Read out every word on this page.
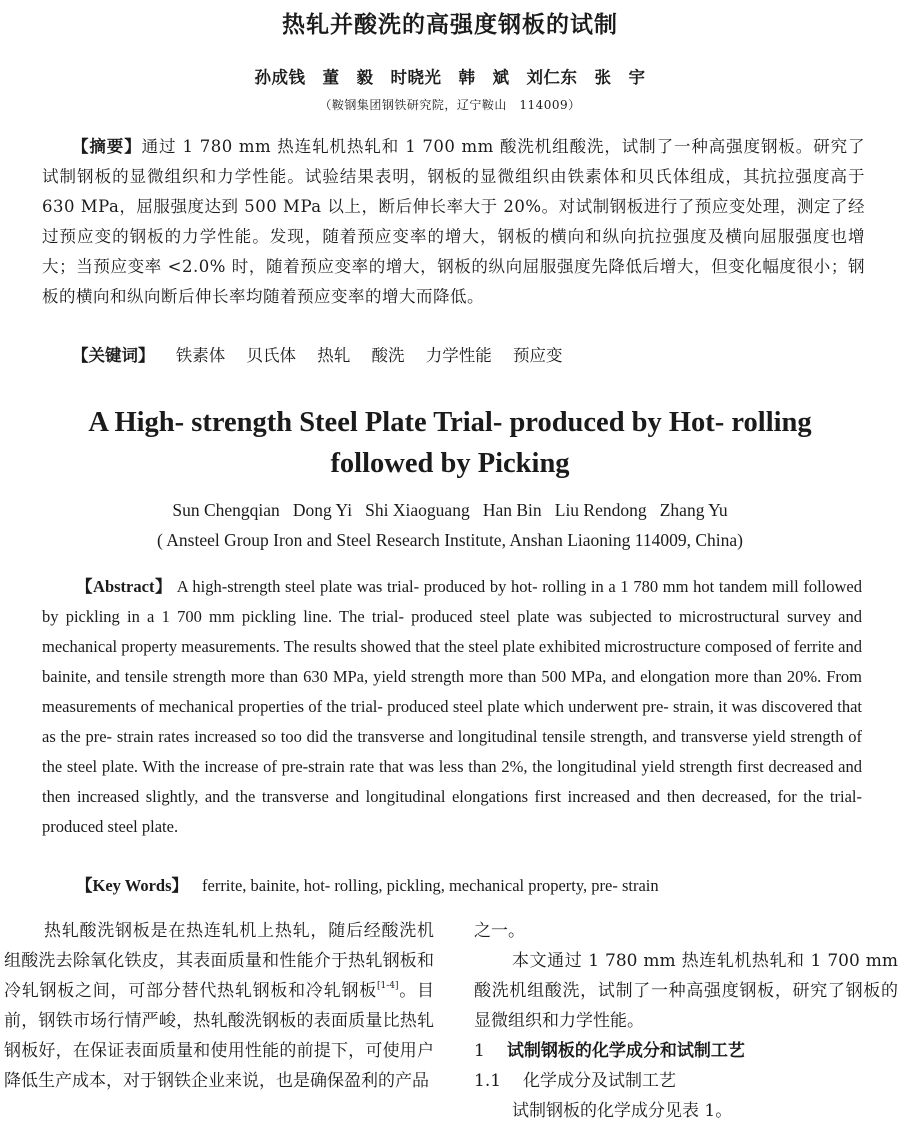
热轧并酸洗的高强度钢板的试制
孙成钱　董　毅　时晓光　韩　斌　刘仁东　张　宇
（鞍钢集团钢铁研究院，辽宁鞍山　114009）
【摘要】通过 1 780 mm 热连轧机热轧和 1 700 mm 酸洗机组酸洗，试制了一种高强度钢板。研究了试制钢板的显微组织和力学性能。试验结果表明，钢板的显微组织由铁素体和贝氏体组成，其抗拉强度高于 630 MPa，屈服强度达到 500 MPa 以上，断后伸长率大于 20%。对试制钢板进行了预应变处理，测定了经过预应变的钢板的力学性能。发现，随着预应变率的增大，钢板的横向和纵向抗拉强度及横向屈服强度也增大；当预应变率 <2.0% 时，随着预应变率的增大，钢板的纵向屈服强度先降低后增大，但变化幅度很小；钢板的横向和纵向断后伸长率均随着预应变率的增大而降低。
【关键词】 铁素体 贝氏体 热轧 酸洗 力学性能 预应变
A High- strength Steel Plate Trial- produced by Hot- rolling
followed by Picking
Sun Chengqian   Dong Yi   Shi Xiaoguang   Han Bin   Liu Rendong   Zhang Yu
( Ansteel Group Iron and Steel Research Institute, Anshan Liaoning 114009, China)
【Abstract】 A high-strength steel plate was trial- produced by hot- rolling in a 1 780 mm hot tandem mill followed by pickling in a 1 700 mm pickling line. The trial- produced steel plate was subjected to microstructural survey and mechanical property measurements. The results showed that the steel plate exhibited microstructure composed of ferrite and bainite, and tensile strength more than 630 MPa, yield strength more than 500 MPa, and elongation more than 20%. From measurements of mechanical properties of the trial- produced steel plate which underwent pre- strain, it was discovered that as the pre- strain rates increased so too did the transverse and longitudinal tensile strength, and transverse yield strength of the steel plate. With the increase of pre-strain rate that was less than 2%, the longitudinal yield strength first decreased and then increased slightly, and the transverse and longitudinal elongations first increased and then decreased, for the trial- produced steel plate.
【Key Words】 ferrite, bainite, hot- rolling, pickling, mechanical property, pre- strain
热轧酸洗钢板是在热连轧机上热轧，随后经酸洗机组酸洗去除氧化铁皮，其表面质量和性能介于热轧钢板和冷轧钢板之间，可部分替代热轧钢板和冷轧钢板[1-4]。目前，钢铁市场行情严峻，热轧酸洗钢板的表面质量比热轧钢板好，在保证表面质量和使用性能的前提下，可使用户降低生产成本，对于钢铁企业来说，也是确保盈利的产品
之一。
本文通过 1 780 mm 热连轧机热轧和 1 700 mm 酸洗机组酸洗，试制了一种高强度钢板，研究了钢板的显微组织和力学性能。
1 试制钢板的化学成分和试制工艺
1.1 化学成分及试制工艺
试制钢板的化学成分见表 1。
